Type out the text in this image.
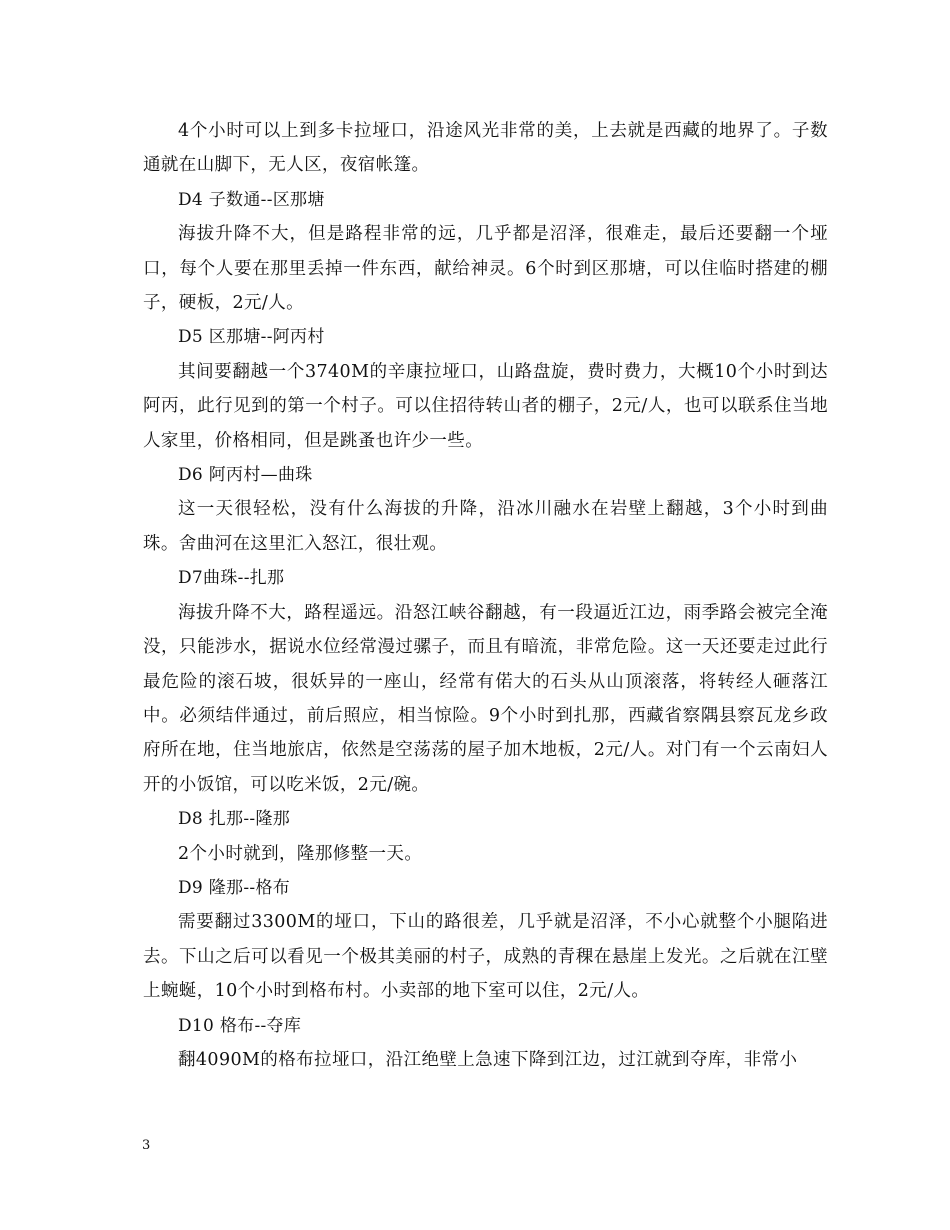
4个小时可以上到多卡拉垭口，沿途风光非常的美，上去就是西藏的地界了。子数通就在山脚下，无人区，夜宿帐篷。

D4 子数通--区那塘

海拔升降不大，但是路程非常的远，几乎都是沼泽，很难走，最后还要翻一个垭口，每个人要在那里丢掉一件东西，献给神灵。6个时到区那塘，可以住临时搭建的棚子，硬板，2元/人。

D5 区那塘--阿丙村

其间要翻越一个3740M的辛康拉垭口，山路盘旋，费时费力，大概10个小时到达阿丙，此行见到的第一个村子。可以住招待转山者的棚子，2元/人，也可以联系住当地人家里，价格相同，但是跳蚤也许少一些。

D6 阿丙村—曲珠

这一天很轻松，没有什么海拔的升降，沿冰川融水在岩壁上翻越，3个小时到曲珠。舍曲河在这里汇入怒江，很壮观。

D7曲珠--扎那

海拔升降不大，路程遥远。沿怒江峡谷翻越，有一段逼近江边，雨季路会被完全淹没，只能涉水，据说水位经常漫过骡子，而且有暗流，非常危险。这一天还要走过此行最危险的滚石坡，很妖异的一座山，经常有偌大的石头从山顶滚落，将转经人砸落江中。必须结伴通过，前后照应，相当惊险。9个小时到扎那，西藏省察隅县察瓦龙乡政府所在地，住当地旅店，依然是空荡荡的屋子加木地板，2元/人。对门有一个云南妇人开的小饭馆，可以吃米饭，2元/碗。

D8 扎那--隆那

2个小时就到，隆那修整一天。

D9 隆那--格布

需要翻过3300M的垭口，下山的路很差，几乎就是沼泽，不小心就整个小腿陷进去。下山之后可以看见一个极其美丽的村子，成熟的青稞在悬崖上发光。之后就在江壁上蜿蜒，10个小时到格布村。小卖部的地下室可以住，2元/人。

D10 格布--夺库

翻4090M的格布拉垭口，沿江绝壁上急速下降到江边，过江就到夺库，非常小

3
